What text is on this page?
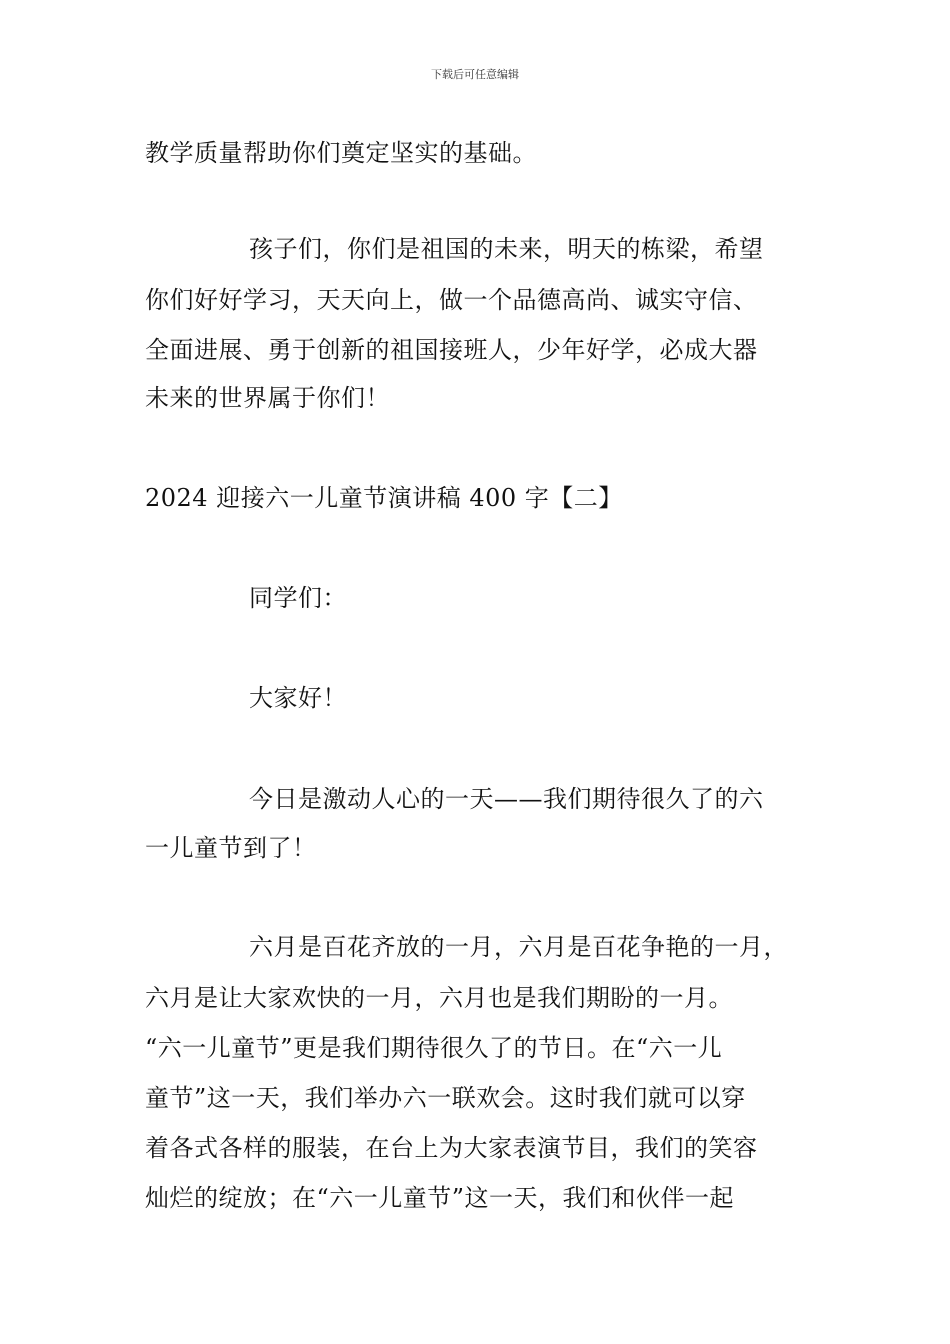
下载后可任意编辑
教学质量帮助你们奠定坚实的基础。
孩子们，你们是祖国的未来，明天的栋梁，希望
你们好好学习，天天向上，做一个品德高尚、诚实守信、
全面进展、勇于创新的祖国接班人，少年好学，必成大器
未来的世界属于你们！
2024 迎接六一儿童节演讲稿 400 字【二】
同学们：
大家好！
今日是激动人心的一天——我们期待很久了的六
一儿童节到了！
六月是百花齐放的一月，六月是百花争艳的一月，
六月是让大家欢快的一月，六月也是我们期盼的一月。
“六一儿童节”更是我们期待很久了的节日。在“六一儿
童节”这一天，我们举办六一联欢会。这时我们就可以穿
着各式各样的服装，在台上为大家表演节目，我们的笑容
灿烂的绽放；在“六一儿童节”这一天，我们和伙伴一起
